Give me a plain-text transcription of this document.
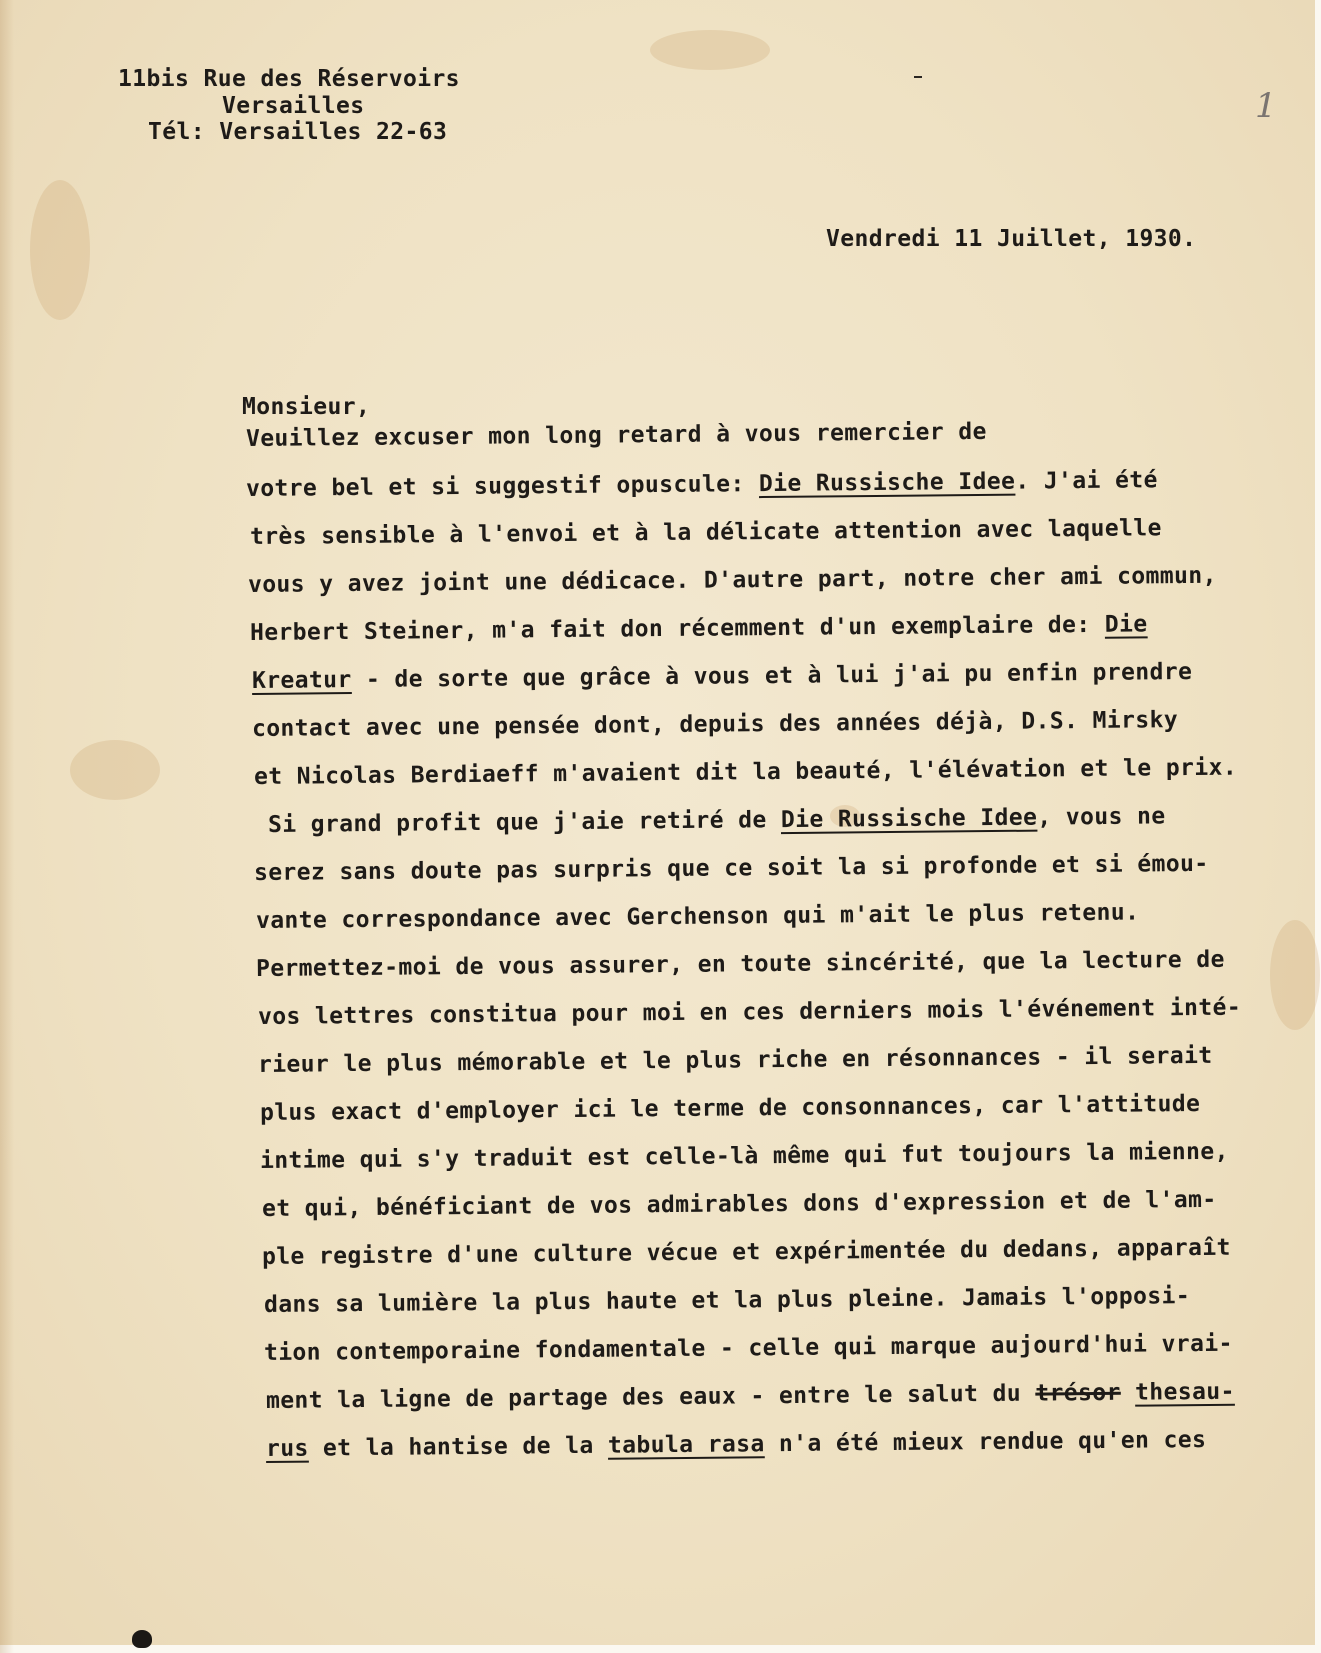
11bis Rue des Réservoirs
Versailles
Tél: Versailles 22-63
1
Vendredi 11 Juillet, 1930.
Monsieur,
Veuillez excuser mon long retard à vous remercier de
votre bel et si suggestif opuscule: Die Russische Idee. J'ai été
très sensible à l'envoi et à la délicate attention avec laquelle
vous y avez joint une dédicace. D'autre part, notre cher ami commun,
Herbert Steiner, m'a fait don récemment d'un exemplaire de: Die
Kreatur - de sorte que grâce à vous et à lui j'ai pu enfin prendre
contact avec une pensée dont, depuis des années déjà, D.S. Mirsky
et Nicolas Berdiaeff m'avaient dit la beauté, l'élévation et le prix.
Si grand profit que j'aie retiré de Die Russische Idee, vous ne
serez sans doute pas surpris que ce soit la si profonde et si émou-
vante correspondance avec Gerchenson qui m'ait le plus retenu.
Permettez-moi de vous assurer, en toute sincérité, que la lecture de
vos lettres constitua pour moi en ces derniers mois l'événement inté-
rieur le plus mémorable et le plus riche en résonnances - il serait
plus exact d'employer ici le terme de consonnances, car l'attitude
intime qui s'y traduit est celle-là même qui fut toujours la mienne,
et qui, bénéficiant de vos admirables dons d'expression et de l'am-
ple registre d'une culture vécue et expérimentée du dedans, apparaît
dans sa lumière la plus haute et la plus pleine. Jamais l'opposi-
tion contemporaine fondamentale - celle qui marque aujourd'hui vrai-
ment la ligne de partage des eaux - entre le salut du trésor thesau-
rus et la hantise de la tabula rasa n'a été mieux rendue qu'en ces
